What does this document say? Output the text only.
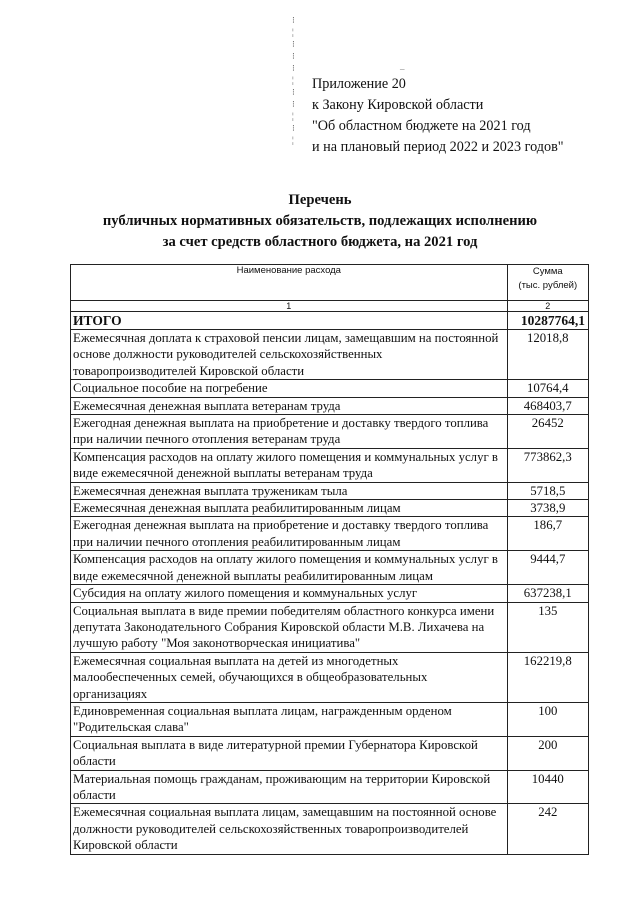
⁝
¦
⁝
⁝
⁝
¦
⁝
⁝
¦
⁝
¦
–
Приложение 20
к Закону Кировской области
"Об областном бюджете на 2021 год
и на плановый период 2022 и 2023 годов"
Перечень
публичных нормативных обязательств, подлежащих исполнению
за счет средств областного бюджета, на 2021 год
Наименование расхода	Сумма
(тыс. рублей)
1	2
ИТОГО	10287764,1
Ежемесячная доплата к страховой пенсии лицам, замещавшим на постоянной основе должности руководителей сельскохозяйственных товаропроизводителей Кировской области	12018,8
Социальное пособие на погребение	10764,4
Ежемесячная денежная выплата ветеранам труда	468403,7
Ежегодная денежная выплата на приобретение и доставку твердого топлива при наличии печного отопления ветеранам труда	26452
Компенсация расходов на оплату жилого помещения и коммунальных услуг в виде ежемесячной денежной выплаты ветеранам труда	773862,3
Ежемесячная денежная выплата труженикам тыла	5718,5
Ежемесячная денежная выплата реабилитированным лицам	3738,9
Ежегодная денежная выплата на приобретение и доставку твердого топлива при наличии печного отопления реабилитированным лицам	186,7
Компенсация расходов на оплату жилого помещения и коммунальных услуг в виде ежемесячной денежной выплаты реабилитированным лицам	9444,7
Субсидия на оплату жилого помещения и коммунальных услуг	637238,1
Социальная выплата в виде премии победителям областного конкурса имени депутата Законодательного Собрания Кировской области М.В. Лихачева на лучшую работу "Моя законотворческая инициатива"	135
Ежемесячная социальная выплата на детей из многодетных малообеспеченных семей, обучающихся в общеобразовательных организациях	162219,8
Единовременная социальная выплата лицам, награжденным орденом "Родительская слава"	100
Социальная выплата в виде литературной премии Губернатора Кировской области	200
Материальная помощь гражданам, проживающим на территории Кировской области	10440
Ежемесячная социальная выплата лицам, замещавшим на постоянной основе должности руководителей сельскохозяйственных товаропроизводителей Кировской области	242
